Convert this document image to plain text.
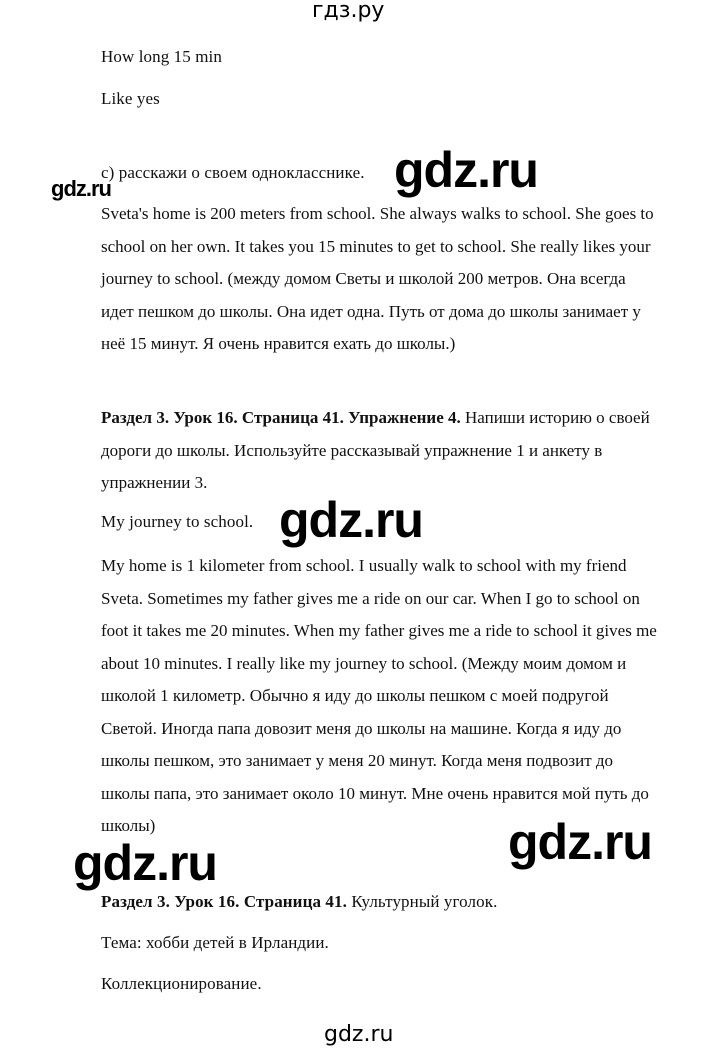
гдз.ру
How long 15 min
Like yes
c) расскажи о своем однокласснике. gdz.ru
gdz.ru
Sveta's home is 200 meters from school. She always walks to school. She goes to school on her own. It takes you 15 minutes to get to school. She really likes your journey to school. (между домом Светы и школой 200 метров. Она всегда идет пешком до школы. Она идет одна. Путь от дома до школы занимает у неё 15 минут. Я очень нравится ехать до школы.)
Раздел 3. Урок 16. Страница 41. Упражнение 4. Напиши историю о своей дороги до школы. Используйте рассказывай упражнение 1 и анкету в упражнении 3.
My journey to school. gdz.ru
My home is 1 kilometer from school. I usually walk to school with my friend Sveta. Sometimes my father gives me a ride on our car. When I go to school on foot it takes me 20 minutes. When my father gives me a ride to school it gives me about 10 minutes. I really like my journey to school. (Между моим домом и школой 1 километр. Обычно я иду до школы пешком с моей подругой Светой. Иногда папа довозит меня до школы на машине. Когда я иду до школы пешком, это занимает у меня 20 минут. Когда меня подвозит до школы папа, это занимает около 10 минут. Мне очень нравится мой путь до школы)	gdz.ru
gdz.ru
Раздел 3. Урок 16. Страница 41. Культурный уголок.
Тема: хобби детей в Ирландии.
Коллекционирование.
gdz.ru
